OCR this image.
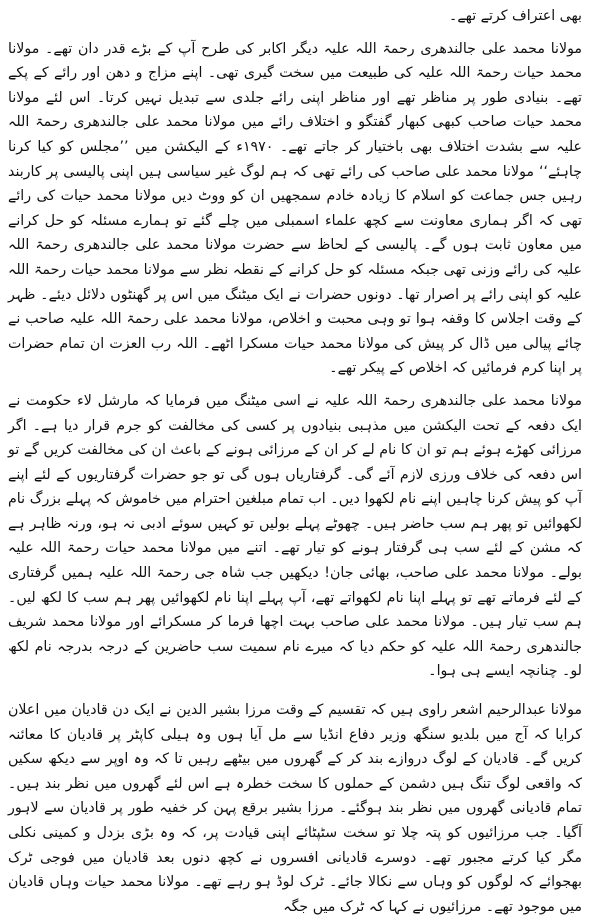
بھی اعتراف کرتے تھے۔

مولانا محمد علی جالندھری رحمۃ اللہ علیہ دیگر اکابر کی طرح آپ کے بڑے قدر دان تھے۔ مولانا محمد حیات رحمۃ اللہ علیہ کی طبیعت میں سخت گیری تھی۔ اپنے مزاج و دھن اور رائے کے پکے تھے۔ بنیادی طور پر مناظر تھے اور مناظر اپنی رائے جلدی سے تبدیل نہیں کرتا۔ اس لئے مولانا محمد حیات صاحب کبھی کبھار گفتگو و اختلاف رائے میں مولانا محمد علی جالندھری رحمۃ اللہ علیہ سے بشدت اختلاف بھی باختیار کر جاتے تھے۔ ۱۹۷۰ء کے الیکشن میں ’’مجلس کو کیا کرنا چاہئے‘‘ مولانا محمد علی صاحب کی رائے تھی کہ ہم لوگ غیر سیاسی ہیں اپنی پالیسی پر کاربند رہیں جس جماعت کو اسلام کا زیادہ خادم سمجھیں ان کو ووٹ دیں مولانا محمد حیات کی رائے تھی کہ اگر ہماری معاونت سے کچھ علماء اسمبلی میں چلے گئے تو ہمارے مسئلہ کو حل کرانے میں معاون ثابت ہوں گے۔ پالیسی کے لحاظ سے حضرت مولانا محمد علی جالندھری رحمۃ اللہ علیہ کی رائے وزنی تھی جبکہ مسئلہ کو حل کرانے کے نقطہ نظر سے مولانا محمد حیات رحمۃ اللہ علیہ کو اپنی رائے پر اصرار تھا۔ دونوں حضرات نے ایک میٹنگ میں اس پر گھنٹوں دلائل دیئے۔ ظہر کے وقت اجلاس کا وقفہ ہوا تو وہی محبت و اخلاص، مولانا محمد علی رحمۃ اللہ علیہ صاحب نے چائے پیالی میں ڈال کر پیش کی مولانا محمد حیات مسکرا اٹھے۔ اللہ رب العزت ان تمام حضرات پر اپنا کرم فرمائیں کہ اخلاص کے پیکر تھے۔

مولانا محمد علی جالندھری رحمۃ اللہ علیہ نے اسی میٹنگ میں فرمایا کہ مارشل لاء حکومت نے ایک دفعہ کے تحت الیکشن میں مذہبی بنیادوں پر کسی کی مخالفت کو جرم قرار دیا ہے۔ اگر مرزائی کھڑے ہوئے ہم تو ان کا نام لے کر ان کے مرزائی ہونے کے باعث ان کی مخالفت کریں گے تو اس دفعہ کی خلاف ورزی لازم آئے گی۔ گرفتاریاں ہوں گی تو جو حضرات گرفتاریوں کے لئے اپنے آپ کو پیش کرنا چاہیں اپنے نام لکھوا دیں۔ اب تمام مبلغین احترام میں خاموش کہ پہلے بزرگ نام لکھوائیں تو پھر ہم سب حاضر ہیں۔ چھوٹے پہلے بولیں تو کہیں سوئے ادبی نہ ہو، ورنہ ظاہر ہے کہ مشن کے لئے سب ہی گرفتار ہونے کو تیار تھے۔ اتنے میں مولانا محمد حیات رحمۃ اللہ علیہ بولے۔ مولانا محمد علی صاحب، بھائی جان! دیکھیں جب شاہ جی رحمۃ اللہ علیہ ہمیں گرفتاری کے لئے فرماتے تھے تو پہلے اپنا نام لکھواتے تھے، آپ پہلے اپنا نام لکھوائیں پھر ہم سب کا لکھ لیں۔ ہم سب تیار ہیں۔ مولانا محمد علی صاحب بہت اچھا فرما کر مسکرائے اور مولانا محمد شریف جالندھری رحمۃ اللہ علیہ کو حکم دیا کہ میرے نام سمیت سب حاضرین کے درجہ بدرجہ نام لکھ لو۔ چنانچہ ایسے ہی ہوا۔

مولانا عبدالرحیم اشعر راوی ہیں کہ تقسیم کے وقت مرزا بشیر الدین نے ایک دن قادیان میں اعلان کرایا کہ آج میں بلدیو سنگھ وزیر دفاع انڈیا سے مل آیا ہوں وہ ہیلی کاپٹر پر قادیان کا معائنہ کریں گے۔ قادیان کے لوگ دروازے بند کر کے گھروں میں بیٹھے رہیں تا کہ وہ اوپر سے دیکھ سکیں کہ واقعی لوگ تنگ ہیں دشمن کے حملوں کا سخت خطرہ ہے اس لئے گھروں میں نظر بند ہیں۔ تمام قادیانی گھروں میں نظر بند ہوگئے۔ مرزا بشیر برقع پہن کر خفیہ طور پر قادیان سے لاہور آگیا۔ جب مرزائیوں کو پتہ چلا تو سخت سٹپٹائے اپنی قیادت پر، کہ وہ بڑی بزدل و کمینی نکلی مگر کیا کرتے مجبور تھے۔ دوسرے قادیانی افسروں نے کچھ دنوں بعد قادیان میں فوجی ٹرک بھجوائے کہ لوگوں کو وہاں سے نکالا جائے۔ ٹرک لوڈ ہو رہے تھے۔ مولانا محمد حیات وہاں قادیان میں موجود تھے۔ مرزائیوں نے کہا کہ ٹرک میں جگہ
